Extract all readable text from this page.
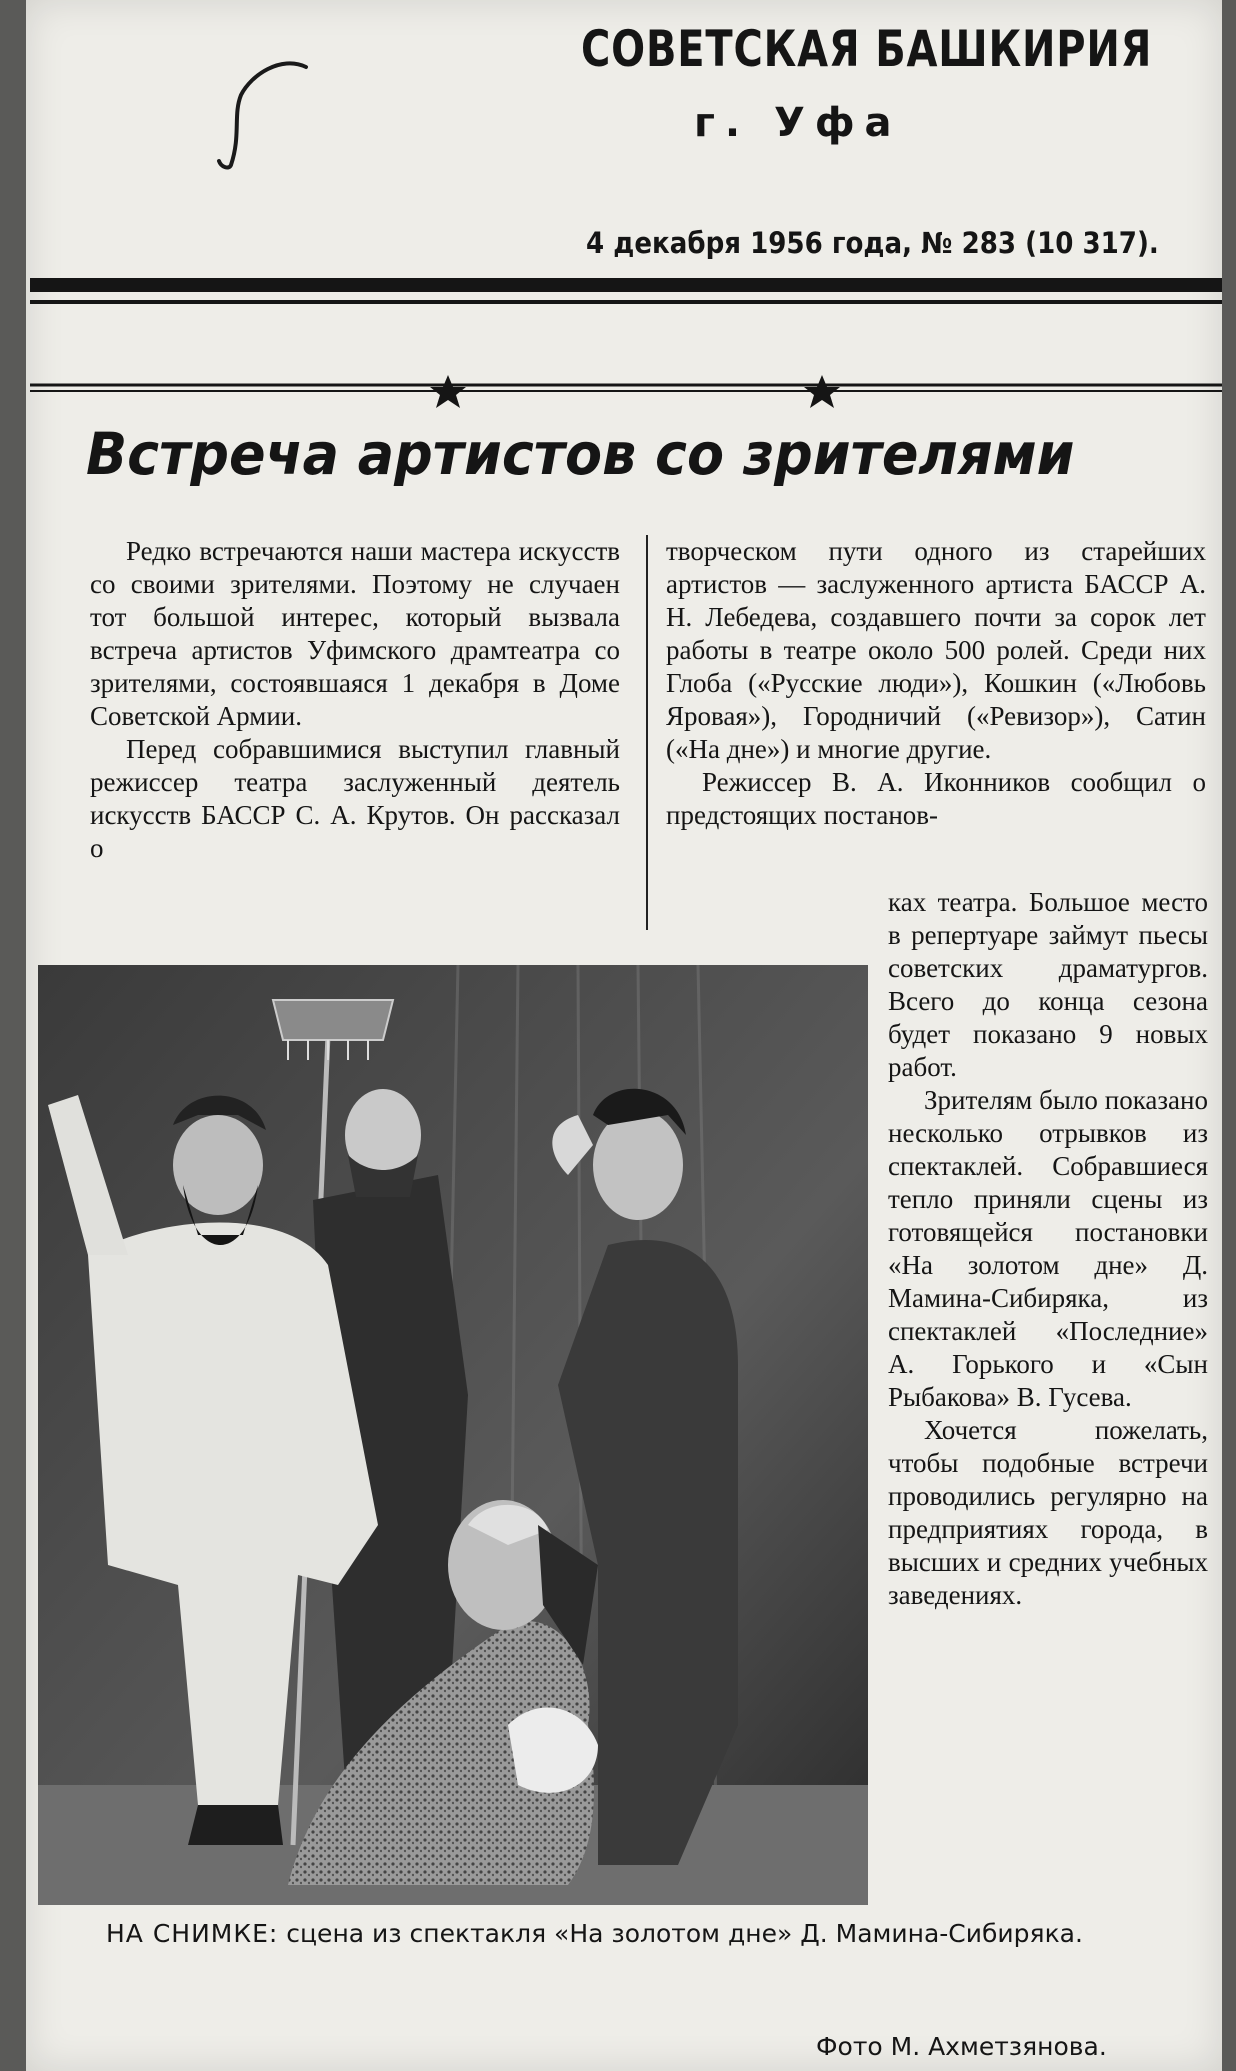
СОВЕТСКАЯ БАШКИРИЯ
г. Уфа
4 декабря 1956 года, № 283 (10 317).
Встреча артистов со зрителями

Редко встречаются наши мастера искусств со своими зрителями. Поэтому не случаен тот большой интерес, который вызвала встреча артистов Уфимского драмтеатра со зрителями, состоявшаяся 1 декабря в Доме Советской Армии.

Перед собравшимися выступил главный режиссер театра заслуженный деятель искусств БАССР С. А. Крутов. Он рассказал о

творческом пути одного из старейших артистов — заслуженного артиста БАССР А. Н. Лебедева, создавшего почти за сорок лет работы в театре около 500 ролей. Среди них Глоба («Русские люди»), Кошкин («Любовь Яровая»), Городничий («Ревизор»), Сатин («На дне») и многие другие.

Режиссер В. А. Иконников сообщил о предстоящих постанов-

ках театра. Большое место в репертуаре займут пьесы советских драматургов. Всего до конца сезона будет показано 9 новых работ.

Зрителям было показано несколько отрывков из спектаклей. Собравшиеся тепло приняли сцены из готовящейся постановки «На золотом дне» Д. Мамина-Сибиряка, из спектаклей «Последние» А. Горького и «Сын Рыбакова» В. Гусева.

Хочется пожелать, чтобы подобные встречи проводились регулярно на предприятиях города, в высших и средних учебных заведениях.

НА СНИМКЕ: сцена из спектакля «На золотом дне» Д. Мамина-Сибиряка.
Фото М. Ахметзянова.
